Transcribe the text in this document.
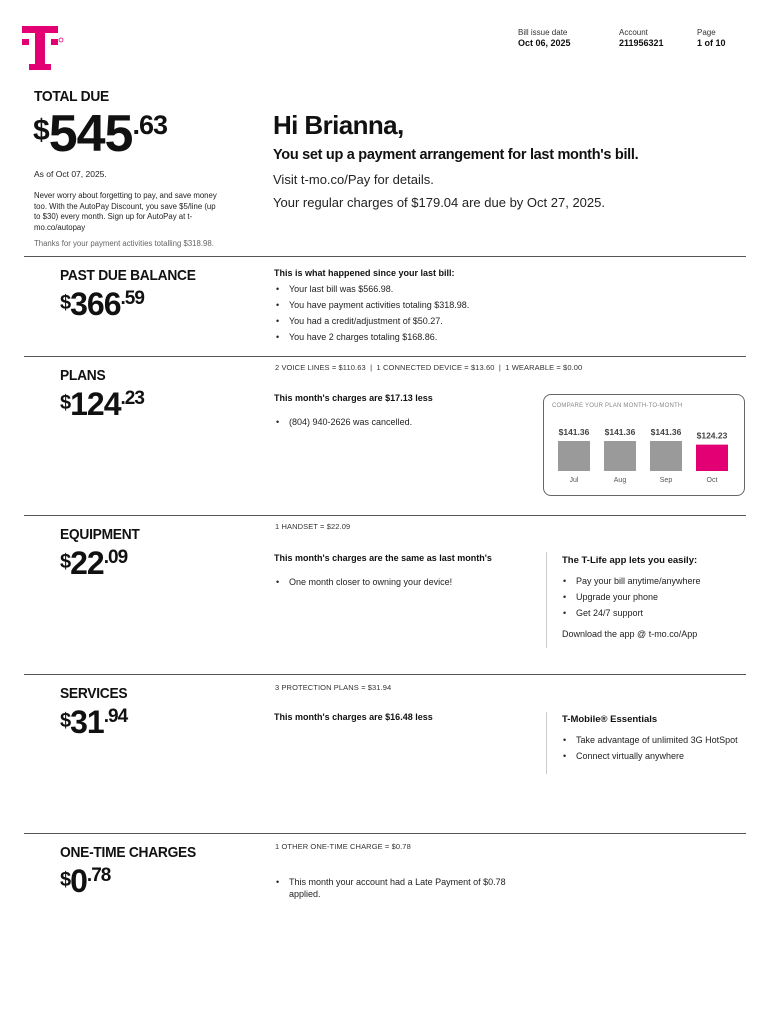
Bill issue date
Oct 06, 2025
Account
211956321
Page
1 of 10
TOTAL DUE
$ 545 .63
As of Oct 07, 2025.
Never worry about forgetting to pay, and save money too. With the AutoPay Discount, you save $5/line (up to $30) every month. Sign up for AutoPay at t-mo.co/autopay
Thanks for your payment activities totalling $318.98.
Hi Brianna,
You set up a payment arrangement for last month's bill.
Visit t-mo.co/Pay for details.
Your regular charges of $179.04 are due by Oct 27, 2025.
PAST DUE BALANCE
$ 366 .59
This is what happened since your last bill:
• Your last bill was $566.98.
• You have payment activities totaling $318.98.
• You had a credit/adjustment of $50.27.
• You have 2 charges totaling $168.86.
PLANS
$ 124 .23
2 VOICE LINES = $110.63  |  1 CONNECTED DEVICE = $13.60  |  1 WEARABLE = $0.00
This month's charges are $17.13 less
• (804) 940-2626 was cancelled.
COMPARE YOUR PLAN MONTH-TO-MONTH
$141.36
Jul
$141.36
Aug
$141.36
Sep
$124.23
Oct
EQUIPMENT
$ 22 .09
1 HANDSET = $22.09
This month's charges are the same as last month's
• One month closer to owning your device!
The T-Life app lets you easily:
• Pay your bill anytime/anywhere
• Upgrade your phone
• Get 24/7 support
Download the app @ t-mo.co/App
SERVICES
$ 31 .94
3 PROTECTION PLANS = $31.94
This month's charges are $16.48 less	T-Mobile® Essentials
• Take advantage of unlimited 3G HotSpot
• Connect virtually anywhere
ONE-TIME CHARGES
$ 0 .78
1 OTHER ONE-TIME CHARGE = $0.78
• This month your account had a Late Payment of $0.78 applied.
